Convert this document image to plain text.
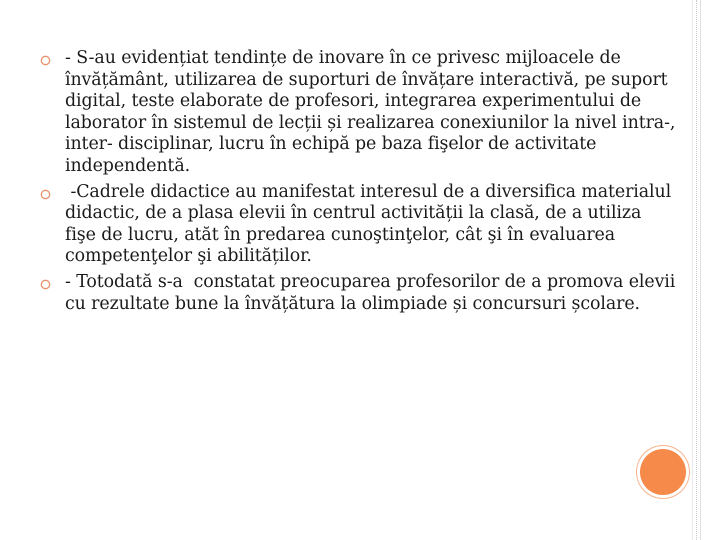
- S-au evidențiat tendințe de inovare în ce privesc mijloacele de învățământ, utilizarea de suporturi de învățare interactivă, pe suport digital, teste elaborate de profesori, integrarea experimentului de laborator în sistemul de lecții și realizarea conexiunilor la nivel intra-, inter- disciplinar, lucru în echipă pe baza fişelor de activitate independentă.
-Cadrele didactice au manifestat interesul de a diversifica materialul didactic, de a plasa elevii în centrul activității la clasă, de a utiliza fişe de lucru, atăt în predarea cunoştinţelor, cât şi în evaluarea competenţelor şi abilităților.
- Totodată s-a  constatat preocuparea profesorilor de a promova elevii cu rezultate bune la învățătura la olimpiade și concursuri școlare.
